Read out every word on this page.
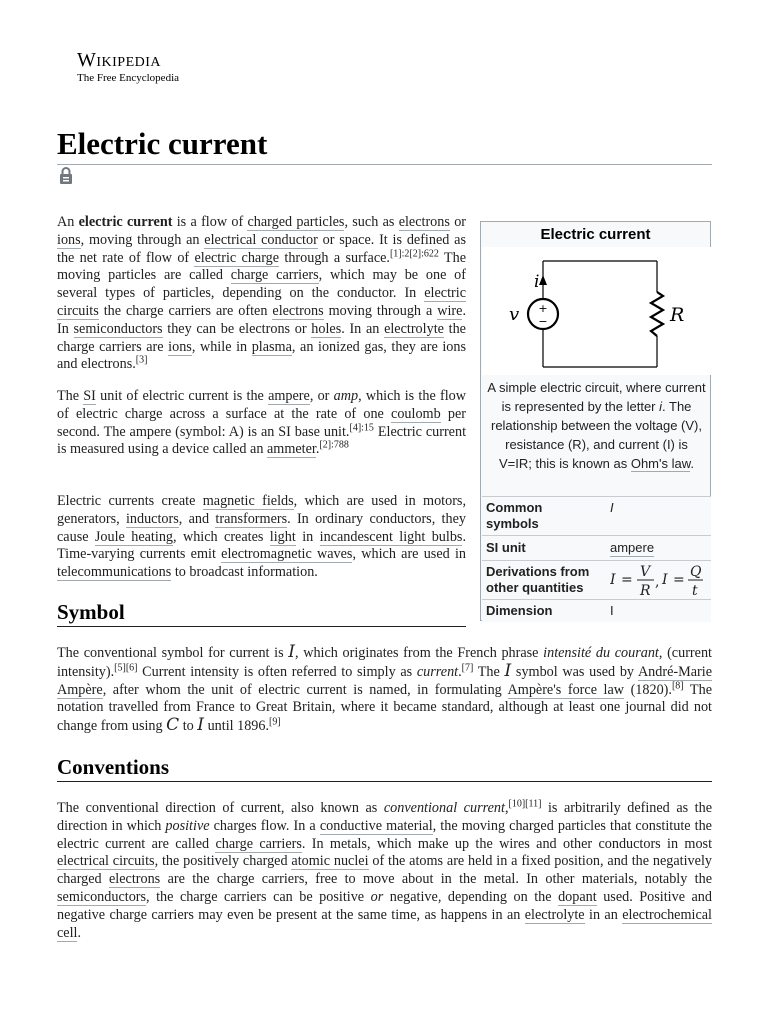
Wikipedia
The Free Encyclopedia
Electric current

An electric current is a flow of charged particles, such as electrons or ions, moving through an electrical conductor or space. It is defined as the net rate of flow of electric charge through a surface.$^{[1]:2[2]:622}$ The moving particles are called charge carriers, which may be one of several types of particles, depending on the conductor. In electric circuits the charge carriers are often electrons moving through a wire. In semiconductors they can be electrons or holes. In an electrolyte the charge carriers are ions, while in plasma, an ionized gas, they are ions and electrons.[3]

The SI unit of electric current is the ampere, or amp, which is the flow of electric charge across a surface at the rate of one coulomb per second. The ampere (symbol: A) is an SI base unit.$^{[4]:15}$ Electric current is measured using a device called an ammeter.$^{[2]:788}$

Electric currents create magnetic fields, which are used in motors, generators, inductors, and transformers. In ordinary conductors, they cause Joule heating, which creates light in incandescent light bulbs. Time-varying currents emit electromagnetic waves, which are used in telecommunications to broadcast information.

Electric current
+
−
i
v	R
A simple electric circuit, where current is represented by the letter i. The relationship between the voltage (V), resistance (R), and current (I) is V=IR; this is known as Ohm's law.
Common symbols
I
SI unit	ampere
Derivations from other quantities	I = V
R
, I = Q
t
Dimension	I
Symbol

The conventional symbol for current is I, which originates from the French phrase intensité du courant, (current intensity).[5][6] Current intensity is often referred to simply as current.[7] The I symbol was used by André-Marie Ampère, after whom the unit of electric current is named, in formulating Ampère's force law (1820).[8] The notation travelled from France to Great Britain, where it became standard, although at least one journal did not change from using C to I until 1896.[9]

Conventions

The conventional direction of current, also known as conventional current,[10][11] is arbitrarily defined as the direction in which positive charges flow. In a conductive material, the moving charged particles that constitute the electric current are called charge carriers. In metals, which make up the wires and other conductors in most electrical circuits, the positively charged atomic nuclei of the atoms are held in a fixed position, and the negatively charged electrons are the charge carriers, free to move about in the metal. In other materials, notably the semiconductors, the charge carriers can be positive or negative, depending on the dopant used. Positive and negative charge carriers may even be present at the same time, as happens in an electrolyte in an electrochemical cell.
